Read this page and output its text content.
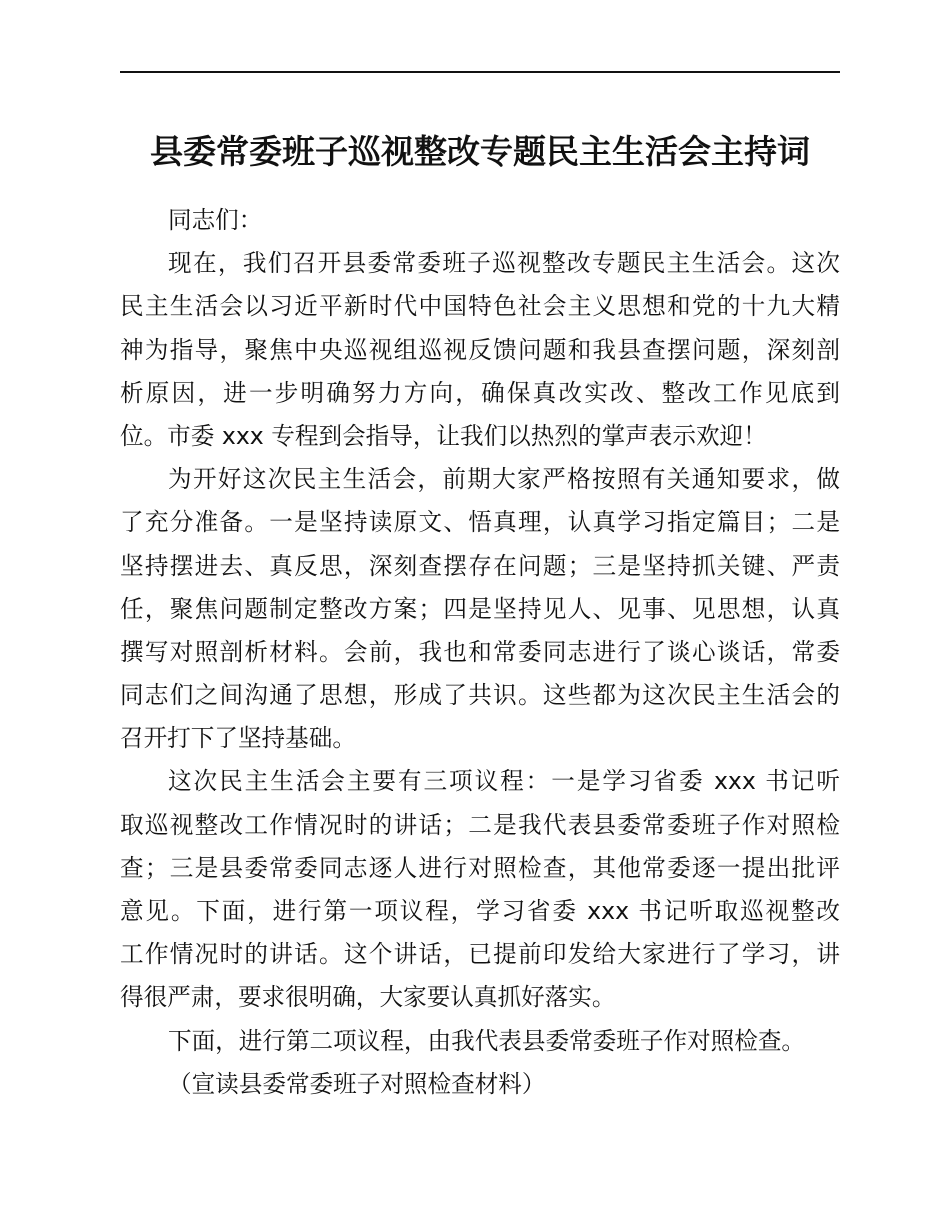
县委常委班子巡视整改专题民主生活会主持词
同志们：
现在，我们召开县委常委班子巡视整改专题民主生活会。这次
民主生活会以习近平新时代中国特色社会主义思想和党的十九大精
神为指导，聚焦中央巡视组巡视反馈问题和我县查摆问题，深刻剖
析原因，进一步明确努力方向，确保真改实改、整改工作见底到
位。市委 xxx 专程到会指导，让我们以热烈的掌声表示欢迎！
为开好这次民主生活会，前期大家严格按照有关通知要求，做
了充分准备。一是坚持读原文、悟真理，认真学习指定篇目；二是
坚持摆进去、真反思，深刻查摆存在问题；三是坚持抓关键、严责
任，聚焦问题制定整改方案；四是坚持见人、见事、见思想，认真
撰写对照剖析材料。会前，我也和常委同志进行了谈心谈话，常委
同志们之间沟通了思想，形成了共识。这些都为这次民主生活会的
召开打下了坚持基础。
这次民主生活会主要有三项议程：一是学习省委 xxx 书记听
取巡视整改工作情况时的讲话；二是我代表县委常委班子作对照检
查；三是县委常委同志逐人进行对照检查，其他常委逐一提出批评
意见。下面，进行第一项议程，学习省委 xxx 书记听取巡视整改
工作情况时的讲话。这个讲话，已提前印发给大家进行了学习，讲
得很严肃，要求很明确，大家要认真抓好落实。
下面，进行第二项议程，由我代表县委常委班子作对照检查。
（宣读县委常委班子对照检查材料）
